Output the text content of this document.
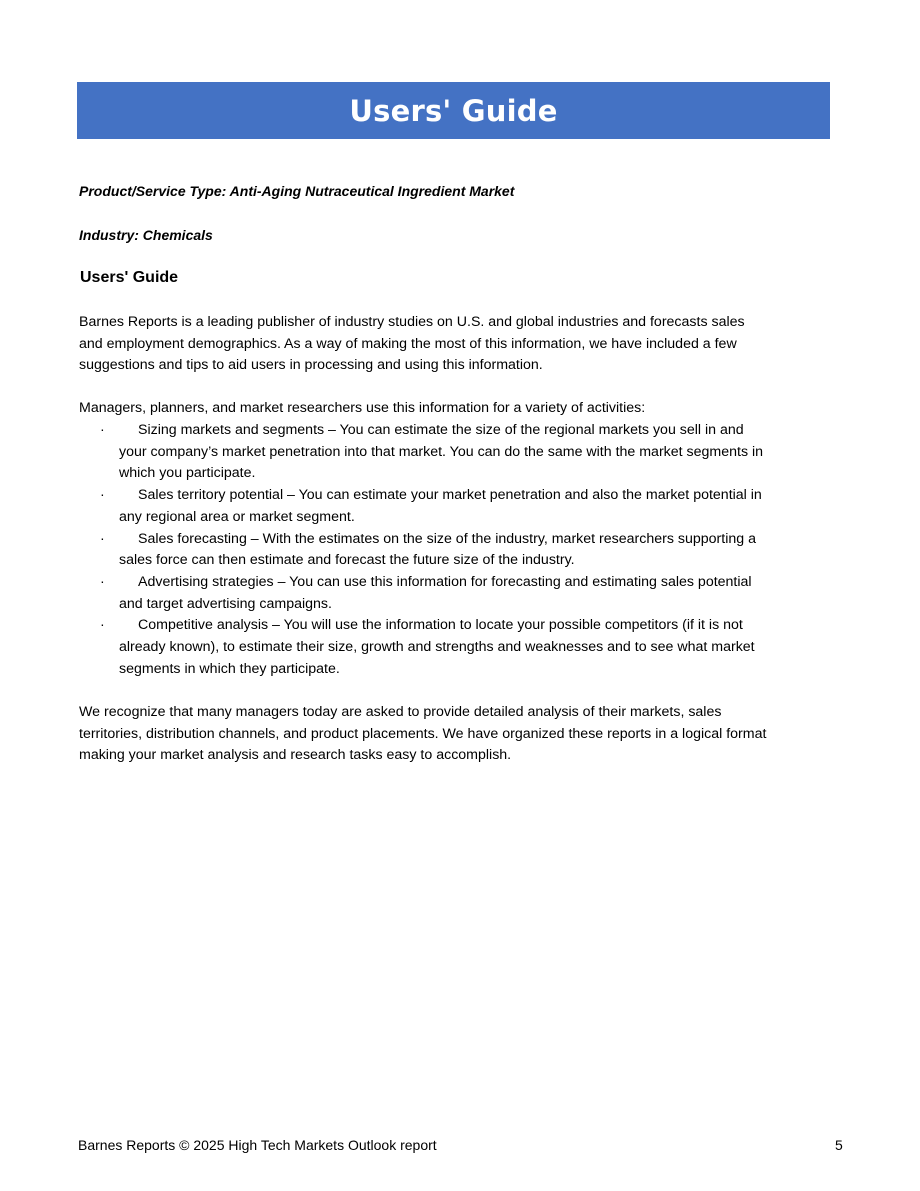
Users' Guide
Product/Service Type: Anti-Aging Nutraceutical Ingredient Market
Industry: Chemicals
Users' Guide

Barnes Reports is a leading publisher of industry studies on U.S. and global industries and forecasts sales and employment demographics. As a way of making the most of this information, we have included a few suggestions and tips to aid users in processing and using this information.

Managers, planners, and market researchers use this information for a variety of activities:

·	Sizing markets and segments – You can estimate the size of the regional markets you sell in and your company’s market penetration into that market. You can do the same with the market segments in which you participate.
·	Sales territory potential – You can estimate your market penetration and also the market potential in any regional area or market segment.
·	Sales forecasting – With the estimates on the size of the industry, market researchers supporting a sales force can then estimate and forecast the future size of the industry.
·	Advertising strategies – You can use this information for forecasting and estimating sales potential and target advertising campaigns.
·	Competitive analysis – You will use the information to locate your possible competitors (if it is not already known), to estimate their size, growth and strengths and weaknesses and to see what market segments in which they participate.

We recognize that many managers today are asked to provide detailed analysis of their markets, sales territories, distribution channels, and product placements. We have organized these reports in a logical format making your market analysis and research tasks easy to accomplish.

Barnes Reports © 2025 High Tech Markets Outlook report	5
